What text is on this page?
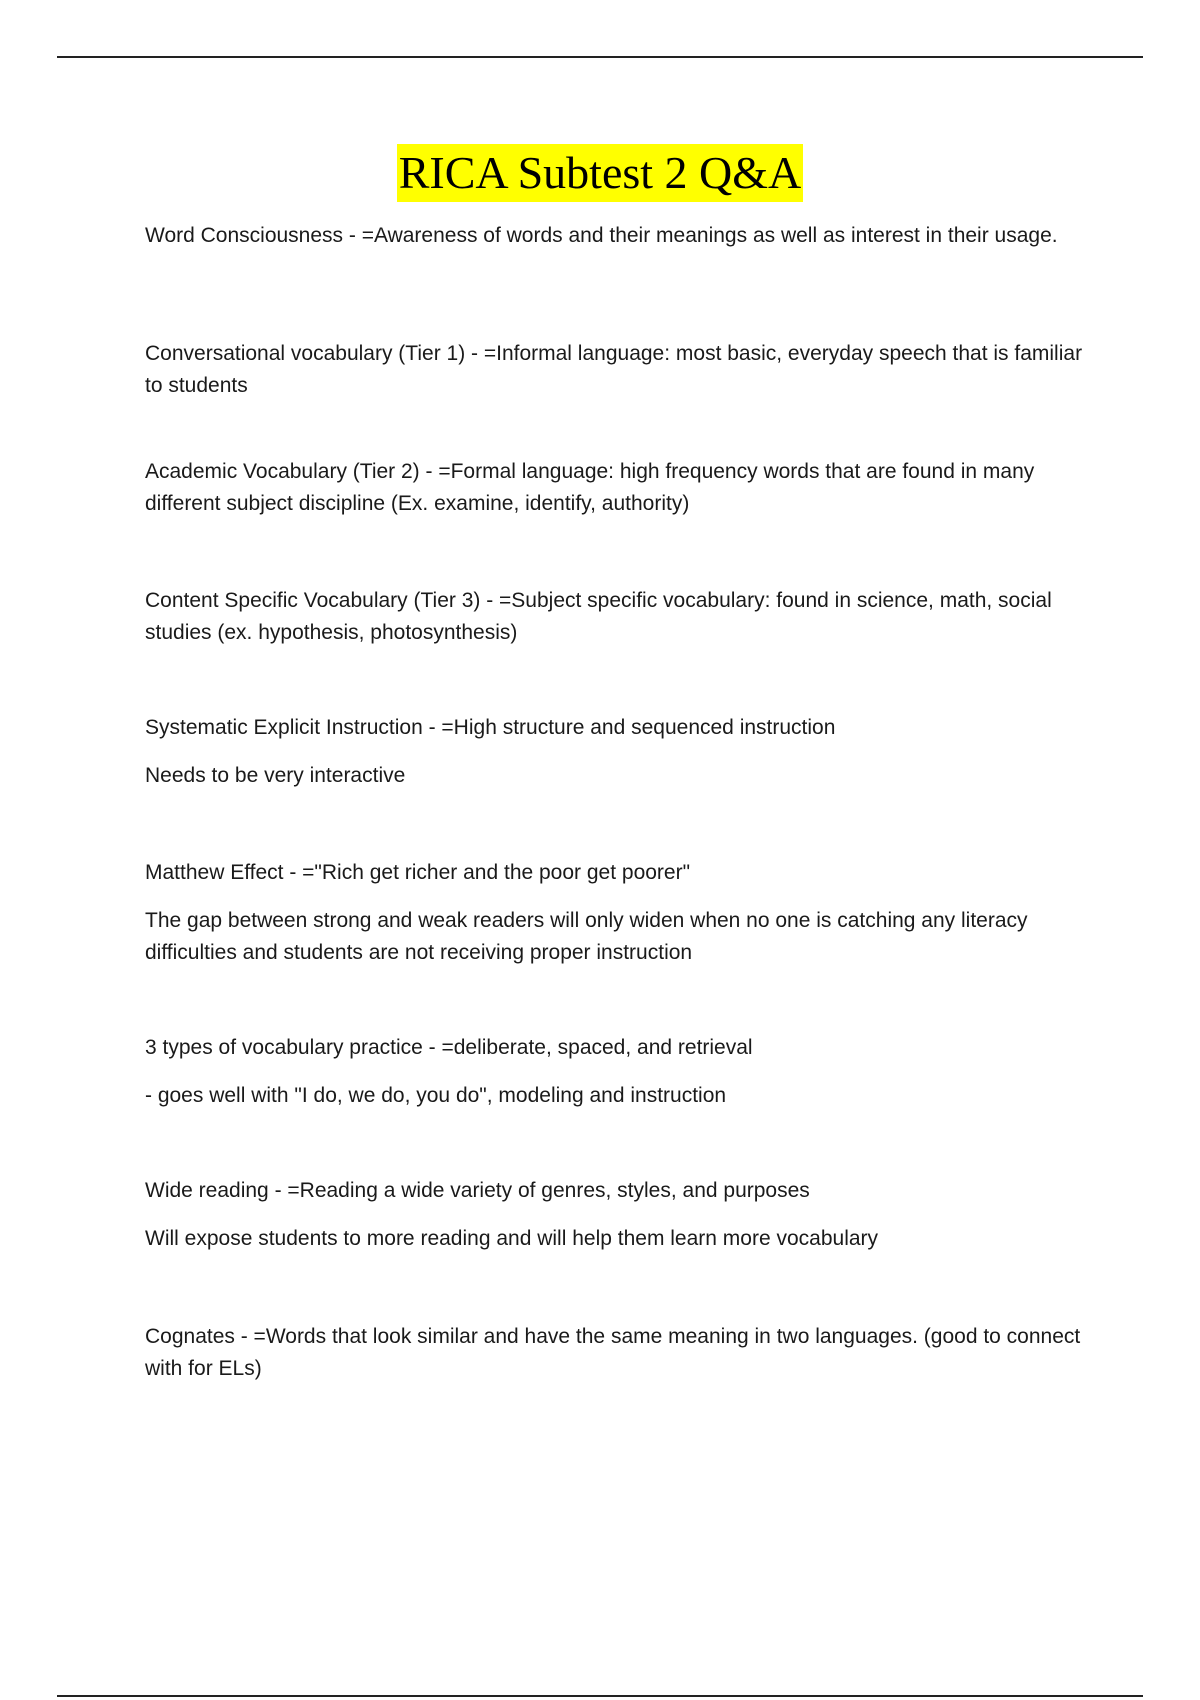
RICA Subtest 2 Q&A

Word Consciousness - =Awareness of words and their meanings as well as interest in their usage.

Conversational vocabulary (Tier 1) - =Informal language: most basic, everyday speech that is familiar to students

Academic Vocabulary (Tier 2) - =Formal language: high frequency words that are found in many different subject discipline (Ex. examine, identify, authority)

Content Specific Vocabulary (Tier 3) - =Subject specific vocabulary: found in science, math, social studies (ex. hypothesis, photosynthesis)

Systematic Explicit Instruction - =High structure and sequenced instruction

Needs to be very interactive

Matthew Effect - ="Rich get richer and the poor get poorer"

The gap between strong and weak readers will only widen when no one is catching any literacy difficulties and students are not receiving proper instruction

3 types of vocabulary practice - =deliberate, spaced, and retrieval

- goes well with "I do, we do, you do", modeling and instruction

Wide reading - =Reading a wide variety of genres, styles, and purposes

Will expose students to more reading and will help them learn more vocabulary

Cognates - =Words that look similar and have the same meaning in two languages. (good to connect with for ELs)
